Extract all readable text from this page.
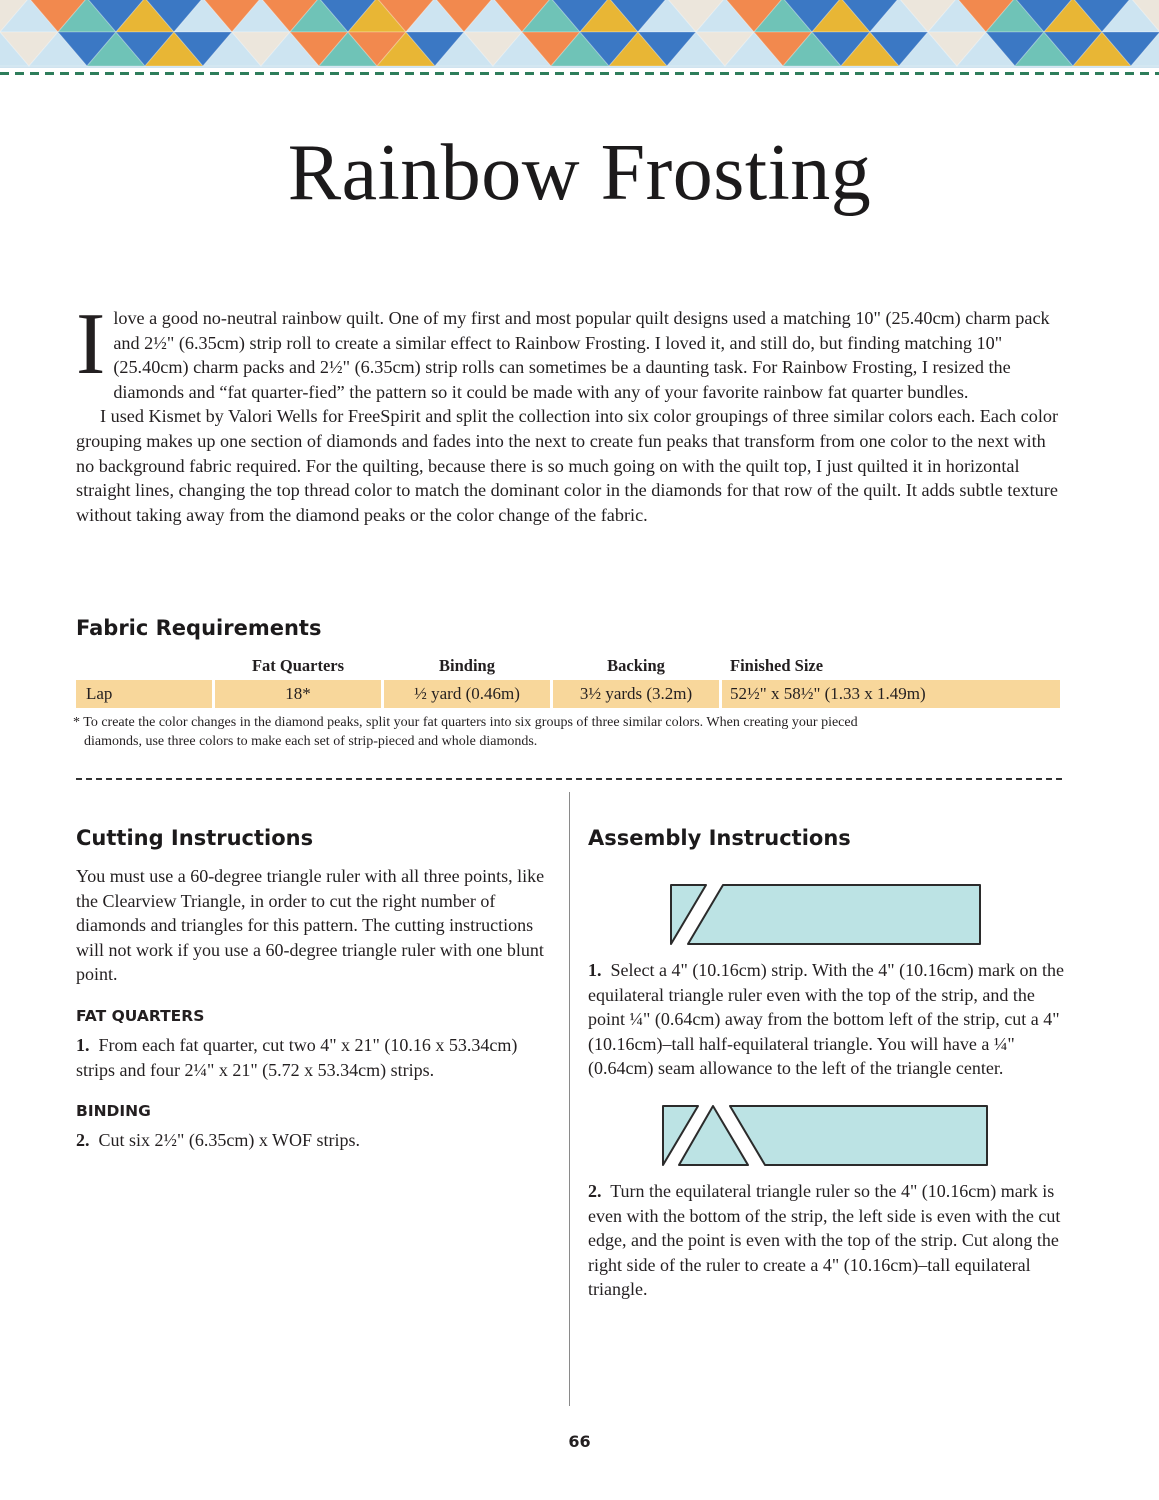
Rainbow Frosting

Ilove a good no-neutral rainbow quilt. One of my first and most popular quilt designs used a matching 10" (25.40cm) charm pack and 2½" (6.35cm) strip roll to create a similar effect to Rainbow Frosting. I loved it, and still do, but finding matching 10" (25.40cm) charm packs and 2½" (6.35cm) strip rolls can sometimes be a daunting task. For Rainbow Frosting, I resized the diamonds and “fat quarter-fied” the pattern so it could be made with any of your favorite rainbow fat quarter bundles.

I used Kismet by Valori Wells for FreeSpirit and split the collection into six color groupings of three similar colors each. Each color grouping makes up one section of diamonds and fades into the next to create fun peaks that transform from one color to the next with no background fabric required. For the quilting, because there is so much going on with the quilt top, I just quilted it in horizontal straight lines, changing the top thread color to match the dominant color in the diamonds for that row of the quilt. It adds subtle texture without taking away from the diamond peaks or the color change of the fabric.

Fabric Requirements
	Fat Quarters	Binding	Backing	Finished Size
Lap	18*	½ yard (0.46m)	3½ yards (3.2m)	52½" x 58½" (1.33 x 1.49m)
* To create the color changes in the diamond peaks, split your fat quarters into six groups of three similar colors. When creating your pieced
diamonds, use three colors to make each set of strip-pieced and whole diamonds.
Cutting Instructions

You must use a 60-degree triangle ruler with all three points, like the Clearview Triangle, in order to cut the right number of diamonds and triangles for this pattern. The cutting instructions will not work if you use a 60-degree triangle ruler with one blunt point.

FAT QUARTERS

1. From each fat quarter, cut two 4" x 21" (10.16 x 53.34cm) strips and four 2¼" x 21" (5.72 x 53.34cm) strips.

BINDING

2. Cut six 2½" (6.35cm) x WOF strips.

Assembly Instructions

1. Select a 4" (10.16cm) strip. With the 4" (10.16cm) mark on the equilateral triangle ruler even with the top of the strip, and the point ¼" (0.64cm) away from the bottom left of the strip, cut a 4" (10.16cm)–tall half-equilateral triangle. You will have a ¼" (0.64cm) seam allowance to the left of the triangle center.

2. Turn the equilateral triangle ruler so the 4" (10.16cm) mark is even with the bottom of the strip, the left side is even with the cut edge, and the point is even with the top of the strip. Cut along the right side of the ruler to create a 4" (10.16cm)–tall equilateral triangle.

66
